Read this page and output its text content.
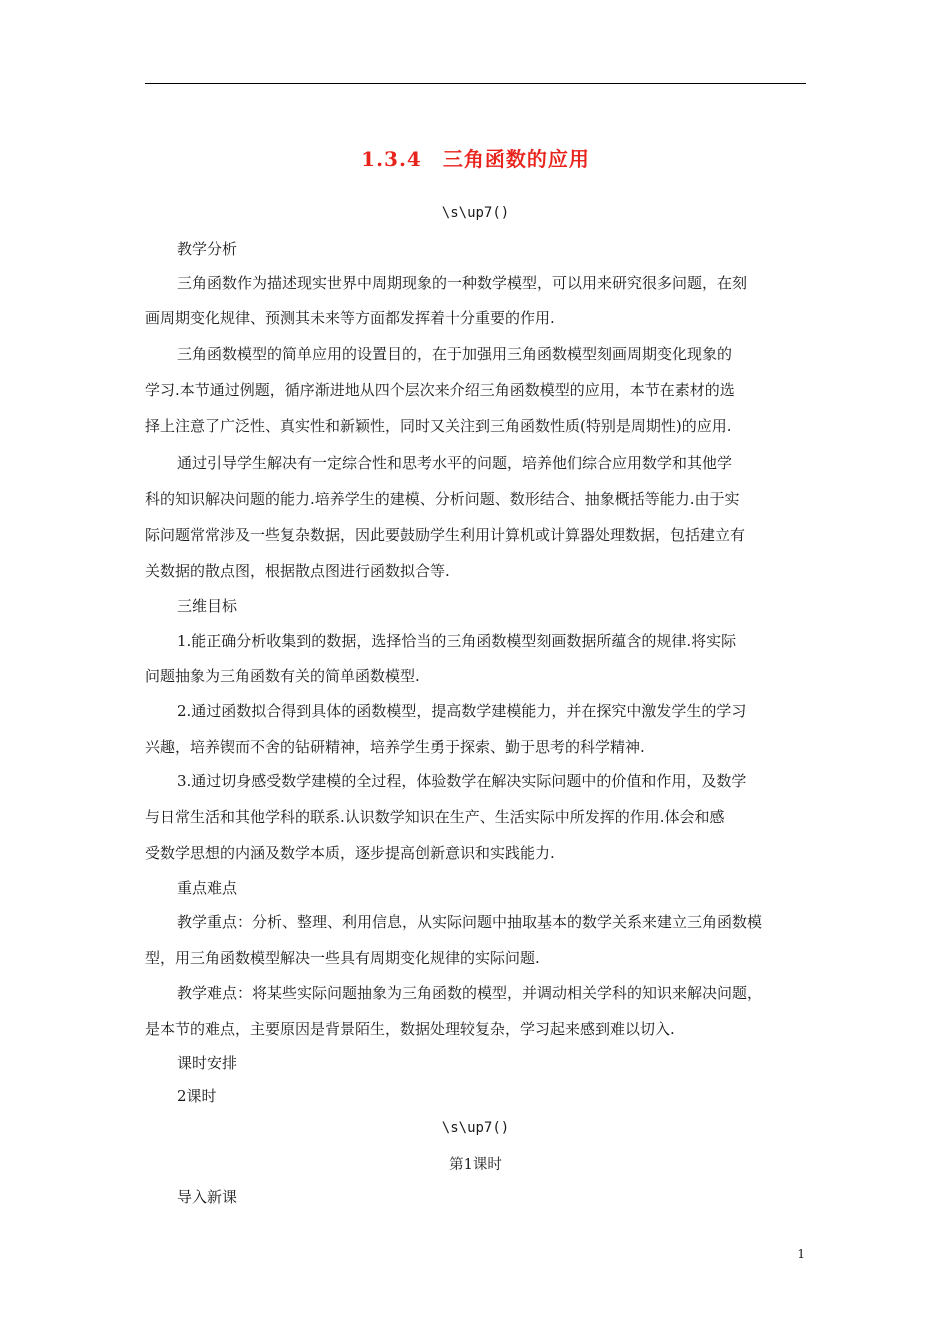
1.3.4　三角函数的应用
\s\up7()
教学分析
三角函数作为描述现实世界中周期现象的一种数学模型，可以用来研究很多问题，在刻
画周期变化规律、预测其未来等方面都发挥着十分重要的作用.
三角函数模型的简单应用的设置目的，在于加强用三角函数模型刻画周期变化现象的
学习.本节通过例题，循序渐进地从四个层次来介绍三角函数模型的应用，本节在素材的选
择上注意了广泛性、真实性和新颖性，同时又关注到三角函数性质(特别是周期性)的应用.
通过引导学生解决有一定综合性和思考水平的问题，培养他们综合应用数学和其他学
科的知识解决问题的能力.培养学生的建模、分析问题、数形结合、抽象概括等能力.由于实
际问题常常涉及一些复杂数据，因此要鼓励学生利用计算机或计算器处理数据，包括建立有
关数据的散点图，根据散点图进行函数拟合等.
三维目标
1.能正确分析收集到的数据，选择恰当的三角函数模型刻画数据所蕴含的规律.将实际
问题抽象为三角函数有关的简单函数模型.
2.通过函数拟合得到具体的函数模型，提高数学建模能力，并在探究中激发学生的学习
兴趣，培养锲而不舍的钻研精神，培养学生勇于探索、勤于思考的科学精神.
3.通过切身感受数学建模的全过程，体验数学在解决实际问题中的价值和作用，及数学
与日常生活和其他学科的联系.认识数学知识在生产、生活实际中所发挥的作用.体会和感
受数学思想的内涵及数学本质，逐步提高创新意识和实践能力.
重点难点
教学重点：分析、整理、利用信息，从实际问题中抽取基本的数学关系来建立三角函数模
型，用三角函数模型解决一些具有周期变化规律的实际问题.
教学难点：将某些实际问题抽象为三角函数的模型，并调动相关学科的知识来解决问题，
是本节的难点，主要原因是背景陌生，数据处理较复杂，学习起来感到难以切入.
课时安排
2课时
\s\up7()
第1课时
导入新课
1
